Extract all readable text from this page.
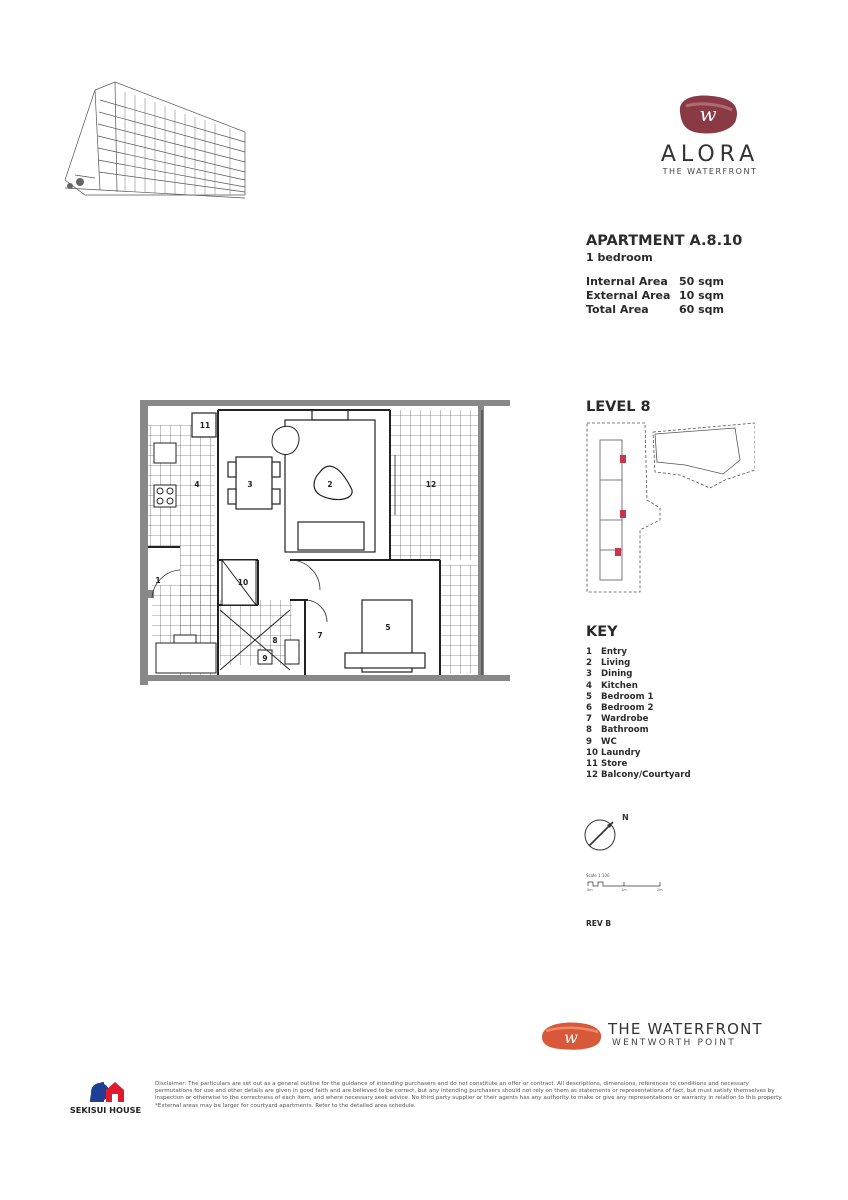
w
ALORA
THE WATERFRONT
APARTMENT A.8.10
1 bedroom
Internal Area 50 sqm
External Area 10 sqm
Total Area	60 sqm
11
4	3	2	12
1	10
8
9
7
5
LEVEL 8
KEY
1 Entry
2 Living
3 Dining
4 Kitchen
5 Bedroom 1
6 Bedroom 2
7 Wardrobe
8 Bathroom
9 WC
10 Laundry
11 Store
12 Balcony/Courtyard
N
Scale 1:100
0m	1m	2m
REV B
w THE WATERFRONT
WENTWORTH POINT
SEKISUI HOUSE
Disclaimer: The particulars are set out as a general outline for the guidance of intending purchasers and do not constitute an offer or contract. All descriptions, dimensions, references to conditions and necessary permutations for use and other details are given in good faith and are believed to be correct, but any intending purchasers should not rely on them as statements or representations of fact, but must satisfy themselves by inspection or otherwise to the correctness of each item, and where necessary seek advice. No third party supplier or their agents has any authority to make or give any representations or warranty in relation to this property. *External areas may be larger for courtyard apartments. Refer to the detailed area schedule.
